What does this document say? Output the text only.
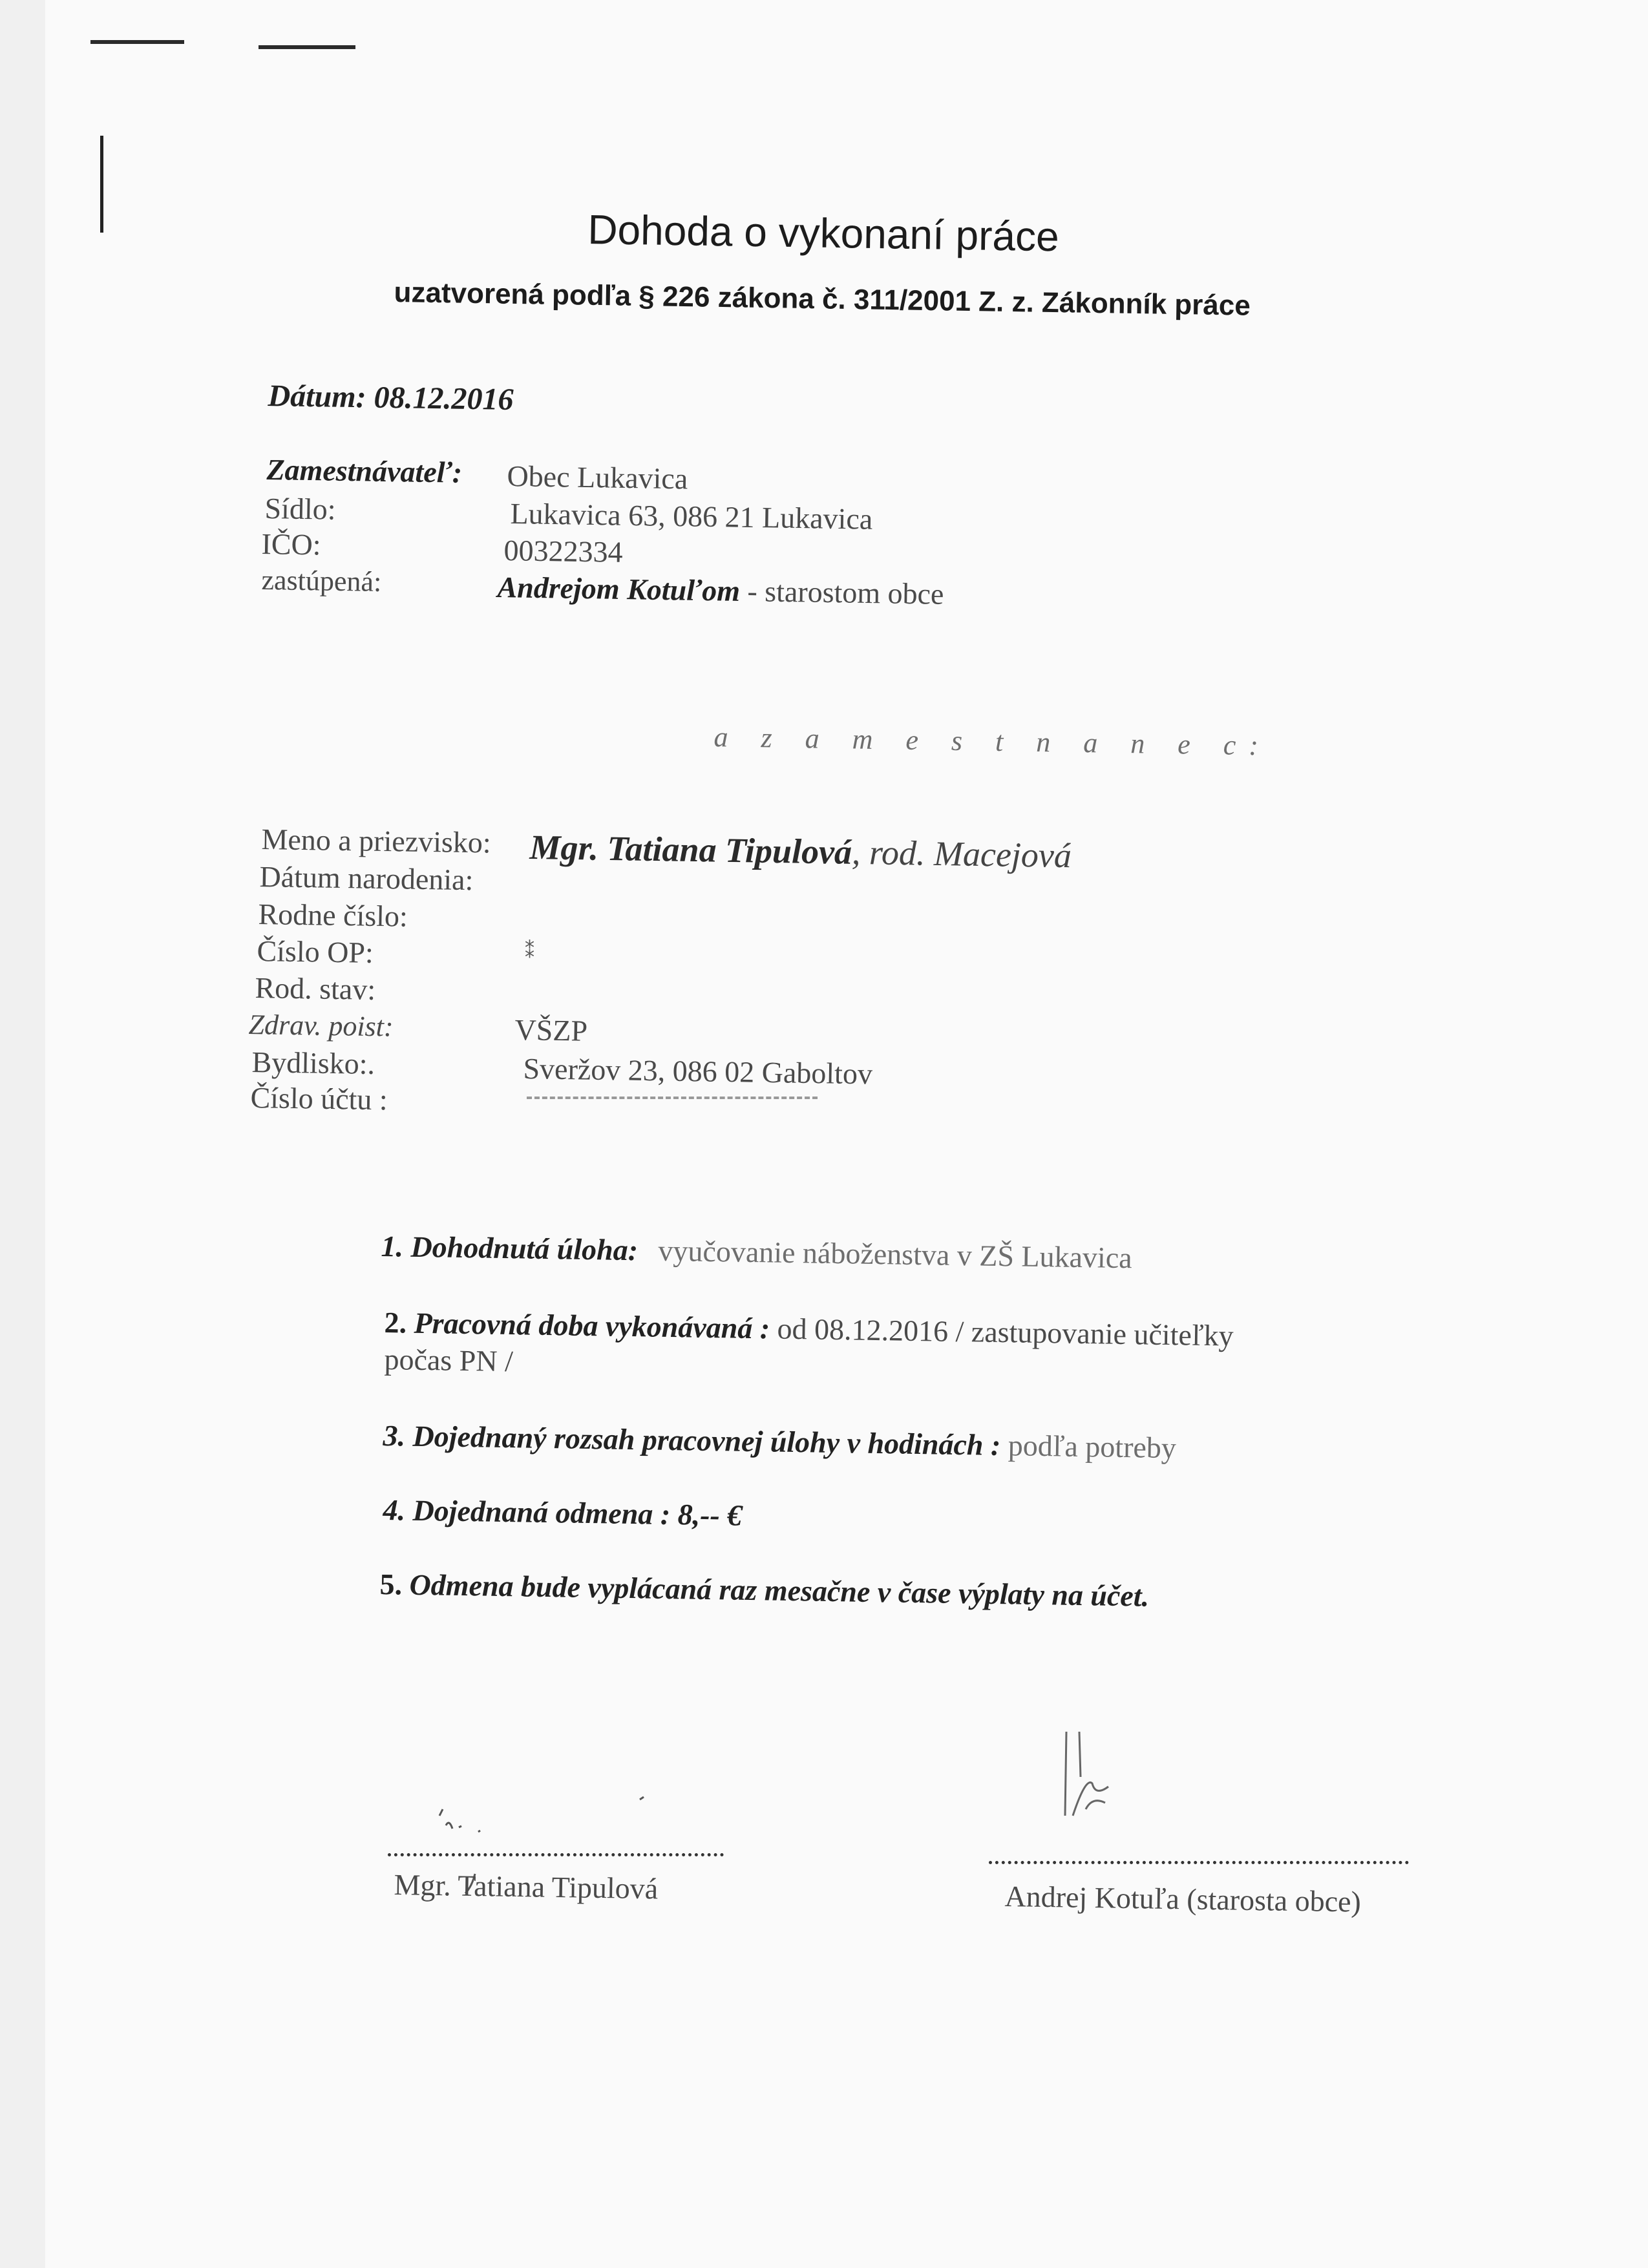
Dohoda o vykonaní práce
uzatvorená podľa § 226 zákona č. 311/2001 Z. z. Zákonník práce
Dátum: 08.12.2016
Zamestnávateľ: Obec Lukavica
Sídlo:	Lukavica 63, 086 21 Lukavica
IČO:	00322334
zastúpená:	Andrejom Kotuľom - starostom obce
a z a m e s t n a n e c:
Meno a priezvisko: Mgr. Tatiana Tipulová, rod. Macejová
Dátum narodenia:
Rodne číslo:
Číslo OP:	⁑
Rod. stav:
Zdrav. poist:	VŠZP
Bydlisko:.	Sveržov 23, 086 02 Gaboltov
Číslo účtu :
1. Dohodnutá úloha: vyučovanie náboženstva v ZŠ Lukavica
2. Pracovná doba vykonávaná : od 08.12.2016 / zastupovanie učiteľky
počas PN /
3. Dojednaný rozsah pracovnej úlohy v hodinách : podľa potreby
4. Dojednaná odmena : 8,-- €
5. Odmena bude vyplácaná raz mesačne v čase výplaty na účet.
Mgr. Tatiana Tipulová	Andrej Kotuľa (starosta obce)
